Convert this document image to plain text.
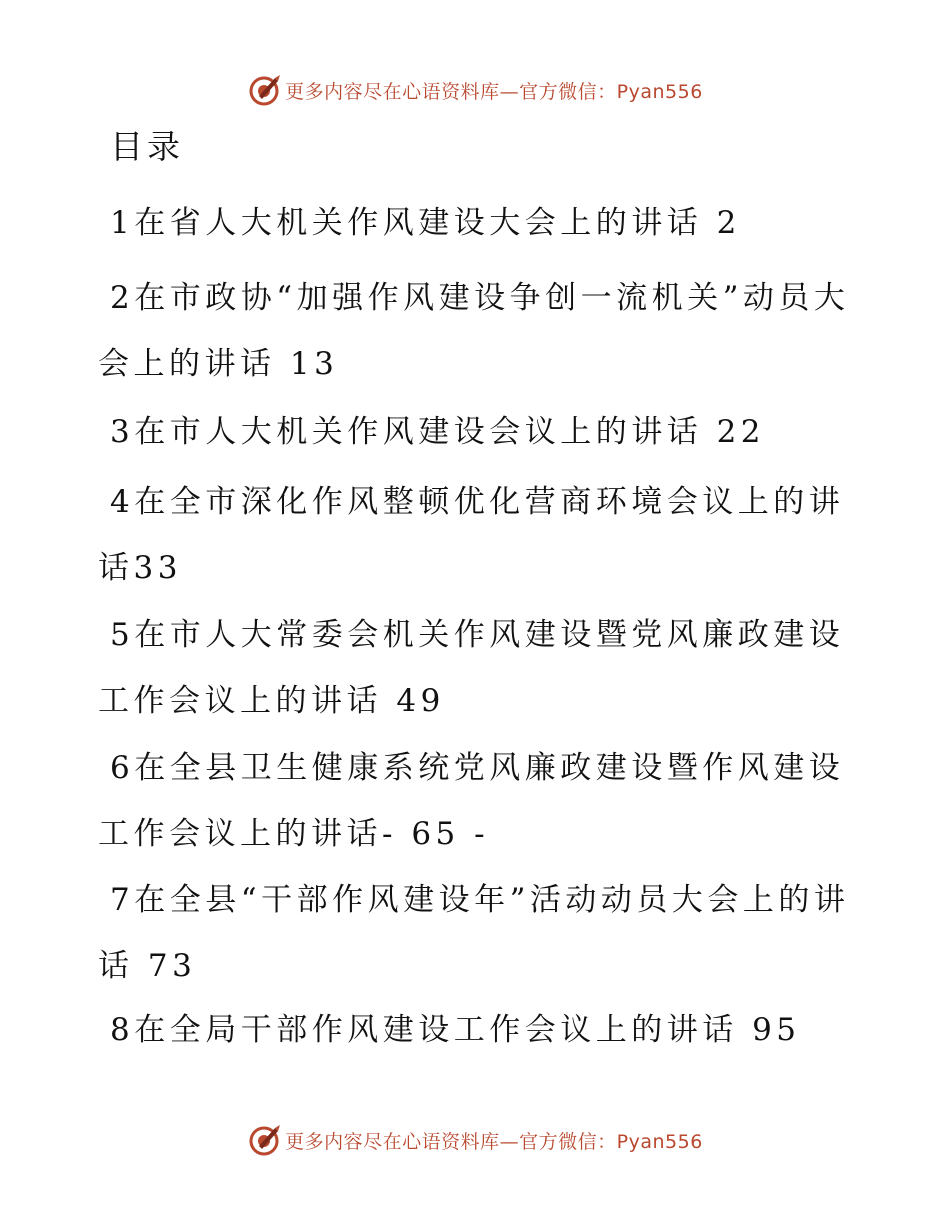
更多内容尽在心语资料库—官方微信：Pyan556
目录
1在省人大机关作风建设大会上的讲话 2
2在市政协“加强作风建设争创一流机关”动员大会上的讲话 13
3在市人大机关作风建设会议上的讲话 22
4在全市深化作风整顿优化营商环境会议上的讲话33
5在市人大常委会机关作风建设暨党风廉政建设工作会议上的讲话 49
6在全县卫生健康系统党风廉政建设暨作风建设工作会议上的讲话- 65 -
7在全县“干部作风建设年”活动动员大会上的讲话 73
8在全局干部作风建设工作会议上的讲话 95
更多内容尽在心语资料库—官方微信：Pyan556
